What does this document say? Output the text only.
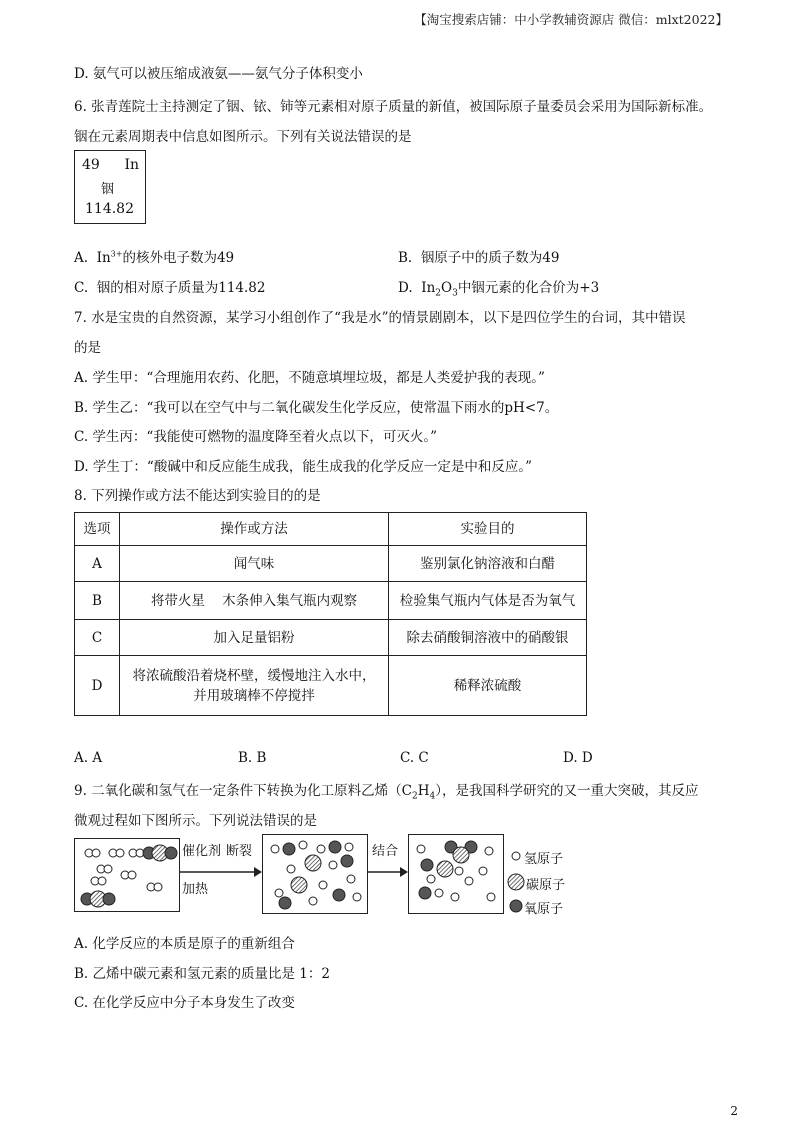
【淘宝搜索店铺：中小学教辅资源店 微信：mlxt2022】
D. 氨气可以被压缩成液氨——氨气分子体积变小
6. 张青莲院士主持测定了铟、铱、铈等元素相对原子质量的新值，被国际原子量委员会采用为国际新标准。
铟在元素周期表中信息如图所示。下列有关说法错误的是
49 In
铟
114.82
A. $In^{3+}$的核外电子数为49	B. 铟原子中的质子数为49
C. 铟的相对原子质量为114.82	D. $In_2O_3$中铟元素的化合价为+3
7. 水是宝贵的自然资源，某学习小组创作了“我是水”的情景剧剧本，以下是四位学生的台词，其中错误
的是
A. 学生甲：“合理施用农药、化肥，不随意填埋垃圾，都是人类爱护我的表现。”
B. 学生乙：“我可以在空气中与二氧化碳发生化学反应，使常温下雨水的pH<7。
C. 学生丙：“我能使可燃物的温度降至着火点以下，可灭火。”
D. 学生丁：“酸碱中和反应能生成我，能生成我的化学反应一定是中和反应。”
8. 下列操作或方法不能达到实验目的的是
选项	操作或方法	实验目的
A	闻气味	鉴别氯化钠溶液和白醋
B	将带火星    木条伸入集气瓶内观察	检验集气瓶内气体是否为氧气
C	加入足量铝粉	除去硝酸铜溶液中的硝酸银
D	将浓硫酸沿着烧杯壁，缓慢地注入水中，
并用玻璃棒不停搅拌	稀释浓硫酸
A. A	B. B	C. C	D. D
9. 二氧化碳和氢气在一定条件下转换为化工原料乙烯$(C_2H_4)$，是我国科学研究的又一重大突破，其反应
微观过程如下图所示。下列说法错误的是
催化剂 断裂
加热
结合
氢原子
碳原子
氧原子
A. 化学反应的本质是原子的重新组合
B. 乙烯中碳元素和氢元素的质量比是 1：2
C. 在化学反应中分子本身发生了改变
2
